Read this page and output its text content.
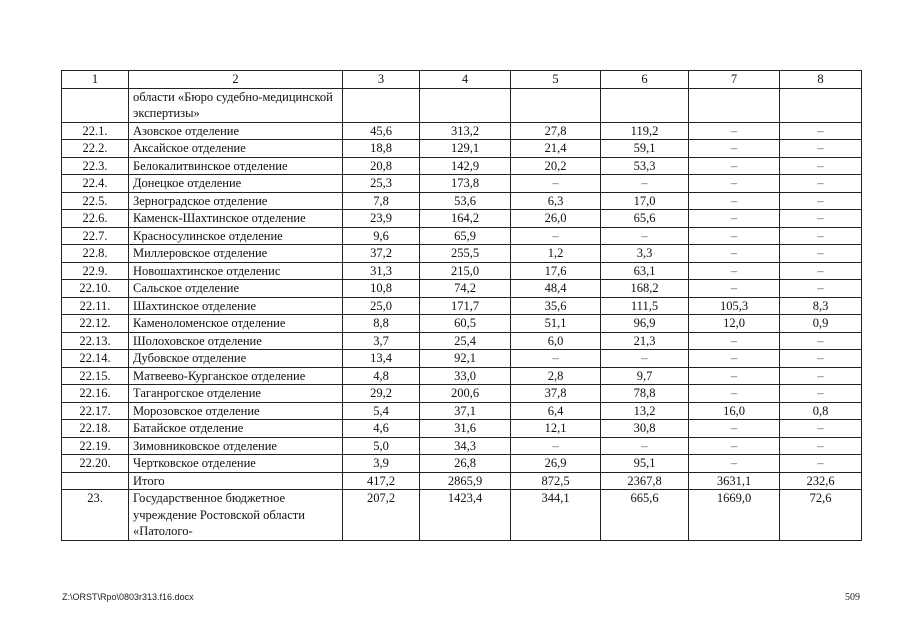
1	2	3	4	5	6	7	8
	области «Бюро судебно-медицинской экспертизы»						
22.1.	Азовское отделение	45,6	313,2	27,8	119,2	–	–
22.2.	Аксайское отделение	18,8	129,1	21,4	59,1	–	–
22.3.	Белокалитвинское отделение	20,8	142,9	20,2	53,3	–	–
22.4.	Донецкое отделение	25,3	173,8	–	–	–	–
22.5.	Зерноградское отделение	7,8	53,6	6,3	17,0	–	–
22.6.	Каменск-Шахтинское отделение	23,9	164,2	26,0	65,6	–	–
22.7.	Красносулинское отделение	9,6	65,9	–	–	–	–
22.8.	Миллеровское отделение	37,2	255,5	1,2	3,3	–	–
22.9.	Новошахтинское отделенис	31,3	215,0	17,6	63,1	–	–
22.10.	Сальское отделение	10,8	74,2	48,4	168,2	–	–
22.11.	Шахтинское отделение	25,0	171,7	35,6	111,5	105,3	8,3
22.12.	Каменоломенское отделение	8,8	60,5	51,1	96,9	12,0	0,9
22.13.	Шолоховское отделение	3,7	25,4	6,0	21,3	–	–
22.14.	Дубовское отделение	13,4	92,1	–	–	–	–
22.15.	Матвеево-Курганское отделение	4,8	33,0	2,8	9,7	–	–
22.16.	Таганрогское отделение	29,2	200,6	37,8	78,8	–	–
22.17.	Морозовское отделение	5,4	37,1	6,4	13,2	16,0	0,8
22.18.	Батайское отделение	4,6	31,6	12,1	30,8	–	–
22.19.	Зимовниковское отделение	5,0	34,3	–	–	–	–
22.20.	Чертковское отделение	3,9	26,8	26,9	95,1	–	–
	Итого	417,2	2865,9	872,5	2367,8	3631,1	232,6
23.	Государственное бюджетное учреждение Ростовской области «Патолого-	207,2	1423,4	344,1	665,6	1669,0	72,6
Z:\ORST\Rpo\0803r313.f16.docx	509
